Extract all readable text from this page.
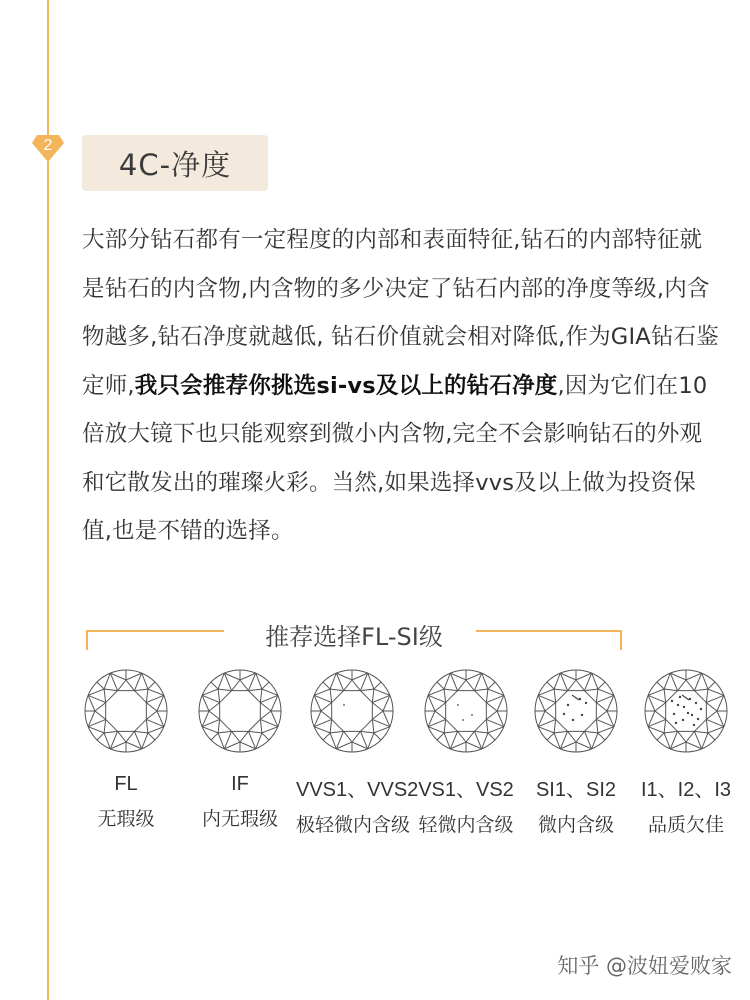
2
4C-净度

大部分钻石都有一定程度的内部和表面特征,钻石的内部特征就是钻石的内含物,内含物的多少决定了钻石内部的净度等级,内含物越多,钻石净度就越低, 钻石价值就会相对降低,作为GIA钻石鉴定师,我只会推荐你挑选si-vs及以上的钻石净度,因为它们在10倍放大镜下也只能观察到微小内含物,完全不会影响钻石的外观和它散发出的璀璨火彩。当然,如果选择vvs及以上做为投资保值,也是不错的选择。

推荐选择FL-SI级
FL
无瑕级
IF
内无瑕级
VVS1、VVS2
极轻微内含级
VS1、VS2
轻微内含级
SI1、SI2
微内含级
I1、I2、I3
品质欠佳
知乎 @波妞爱败家
